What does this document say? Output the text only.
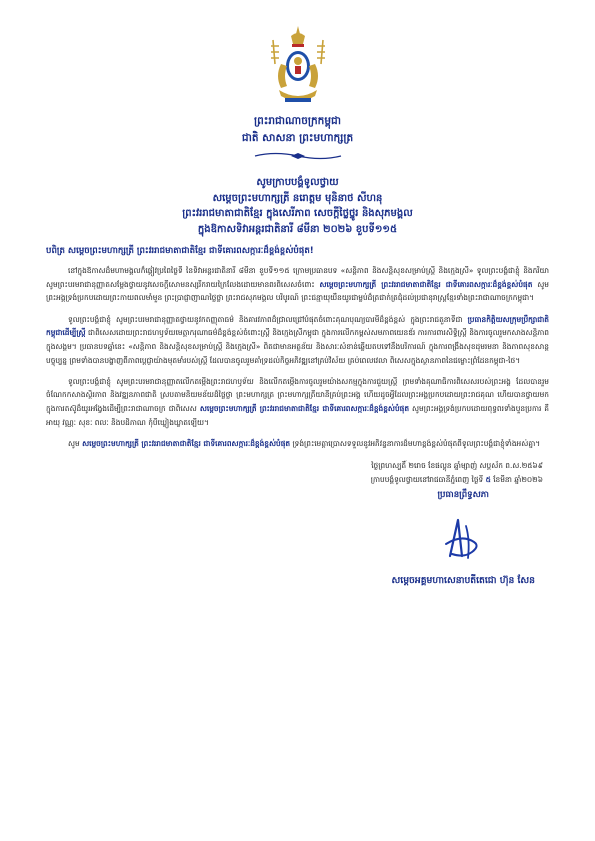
ព្រះរាជាណាចក្រកម្ពុជា
ជាតិ សាសនា ព្រះមហាក្សត្រ
សូមក្រាបបង្គំទូលថ្វាយ
សម្តេចព្រះមហាក្សត្រី នរោត្តម មុនិនាថ សីហនុ
ព្រះវររាជមាតាជាតិខ្មែរ ក្នុងសេរីភាព សេចក្តីថ្លៃថ្នូរ និងសុភមង្គល
ក្នុងឱកាសទិវាអន្តរជាតិនារី ៨មីនា ២០២៦ ខួបទី១១៥
បពិត្រ សម្តេចព្រះមហាក្សត្រី ព្រះវររាជមាតាជាតិខ្មែរ ជាទីគោរពសក្ការៈដ៏ខ្ពង់ខ្ពស់បំផុត!

នៅក្នុងឱកាសដ៏មហាមង្គលក៏ផ្ដៀវប្រពៃថ្ងៃទី នៃទិវាអន្តរជាតិនារី ៨មីនា ខួបទី១១៥ ក្រោមប្រធានបទ «សន្តិភាព និងសន្តិសុខសម្រាប់ស្ត្រី និងក្មេងស្រី» ទូលព្រះបង្គំជាខ្ញុំ និងភរិយា សូមព្រះបរមរាជានុញ្ញាតសម្ដែងថ្វាយនូវសេចក្តីសោមនស្សរីករាយក្រៃលែងដោយមានពរពិសេសចំពោះ សម្តេចព្រះមហាក្សត្រី ព្រះវររាជមាតាជាតិខ្មែរ ជាទីគោរពសក្ការៈដ៏ខ្ពង់ខ្ពស់បំផុត សូមព្រះអង្គទ្រង់ប្រកបដោយព្រះកាយពលមាំមួន ព្រះប្រាជ្ញាញាណថ្លៃថ្លា ព្រះរាជសុភមង្គល បរិបូរណ៍ ព្រះជន្មាយុយឺនយូរជាម្លប់ដ៏ត្រជាក់ត្រជុំដល់ប្រជានុរាស្ត្រខ្មែរទាំងព្រះរាជាណាចក្រកម្ពុជា។

ទូលព្រះបង្គំជាខ្ញុំ សូមព្រះបរមរាជានុញ្ញាតថ្វាយនូវកតញ្ញុតាធម៌ និងគារវភាពដ៏ជ្រាលជ្រៅបំផុតចំពោះគុណបុណ្យបារមីដ៏ខ្ពង់ខ្ពស់ ក្នុងព្រះរាជតួនាទីជា ប្រធានកិត្តិយសក្រុមប្រឹក្សាជាតិកម្ពុជាដើម្បីស្ត្រី ជាពិសេសដោយព្រះរាជហឫទ័យមេត្តាករុណាធម៌ដ៏ខ្ពង់ខ្ពស់ចំពោះស្ត្រី និងក្មេងស្រីកម្ពុជា ក្នុងការលើកកម្ពស់សមភាពយេនឌ័រ ការការពារសិទ្ធិស្ត្រី និងការចូលរួមកសាងសន្តិភាពក្នុងសង្គម។ ប្រធានបទឆ្នាំនេះ «សន្តិភាព និងសន្តិសុខសម្រាប់ស្ត្រី និងក្មេងស្រី» ពិតជាមានអត្ថន័យ និងសារៈសំខាន់ឆ្លើយតបទៅនឹងបរិការណ៍ ក្នុងការពង្រឹងសុខដុមរមនា និងភាពសុខសាន្តបច្ចុប្បន្ន ព្រមទាំងបានបង្ហាញពីភាពប្តេជ្ញាយ៉ាងមុតមាំរបស់ស្ត្រី ដែលបានចូលរួមគាំទ្រដល់កិច្ចអភិវឌ្ឍនៅគ្រប់វិស័យ គ្រប់ពេលវេលា ពិសេសក្នុងស្ថានភាពនៃជម្លោះព្រំដែនកម្ពុជា-ថៃ។

ទូលព្រះបង្គំជាខ្ញុំ សូមព្រះបរមរាជានុញ្ញាតលើកតម្កើងព្រះរាជហឫទ័យ និងលើកតម្កើងការចូលរួមយ៉ាងសកម្មក្នុងការជួយស្ត្រី ព្រមទាំងគុណាធិការពិសេសរបស់ព្រះអង្គ ដែលបានរួមចំណែកកសាងស្ថិរភាព និងវឌ្ឍនភាពជាតិ ស្របតាមនិយមន័យដ៏ថ្លៃថ្លា ព្រះមហាក្សត្រ ព្រះមហាក្សត្រីយានីគ្រប់ព្រះអង្គ ហើយដូចអ្វីដែលព្រះអង្គប្រកបដោយព្រះរាជគុណ ហើយបានថ្វាយមកក្នុងការតស៊ូដ៏យូរអង្វែងដើម្បីព្រះរាជាណាចក្រ ជាពិសេស សម្តេចព្រះមហាក្សត្រី ព្រះវររាជមាតាជាតិខ្មែរ ជាទីគោរពសក្ការៈដ៏ខ្ពង់ខ្ពស់បំផុត សូមព្រះអង្គទ្រង់ប្រកបដោយពុទ្ធពរទាំងបួនប្រការ គឺ អាយុ វណ្ណៈ សុខៈ ពលៈ និងបដិភាណ កុំបីឃ្លៀងឃ្លាតឡើយ។

សូម សម្តេចព្រះមហាក្សត្រី ព្រះវររាជមាតាជាតិខ្មែរ ជាទីគោរពសក្ការៈដ៏ខ្ពង់ខ្ពស់បំផុត ទ្រង់ព្រះមេត្តាប្រោសទទួលនូវអភិវន្ទនាការដ៏មហាខ្ពង់ខ្ពស់បំផុតពីទូលព្រះបង្គំជាខ្ញុំទាំងអស់គ្នា។

ថ្ងៃព្រហស្បតិ៍ ២រោច ខែផល្គុន ឆ្នាំម្សាញ់ សប្តស័ក ព.ស.២៥៦៩
ក្រាបបង្គំទូលថ្វាយនៅរាជធានីភ្នំពេញ ថ្ងៃទី ៥ ខែមីនា ឆ្នាំ២០២៦
ប្រធានព្រឹទ្ធសភា
សម្តេចអគ្គមហាសេនាបតីតេជោ ហ៊ុន សែន
